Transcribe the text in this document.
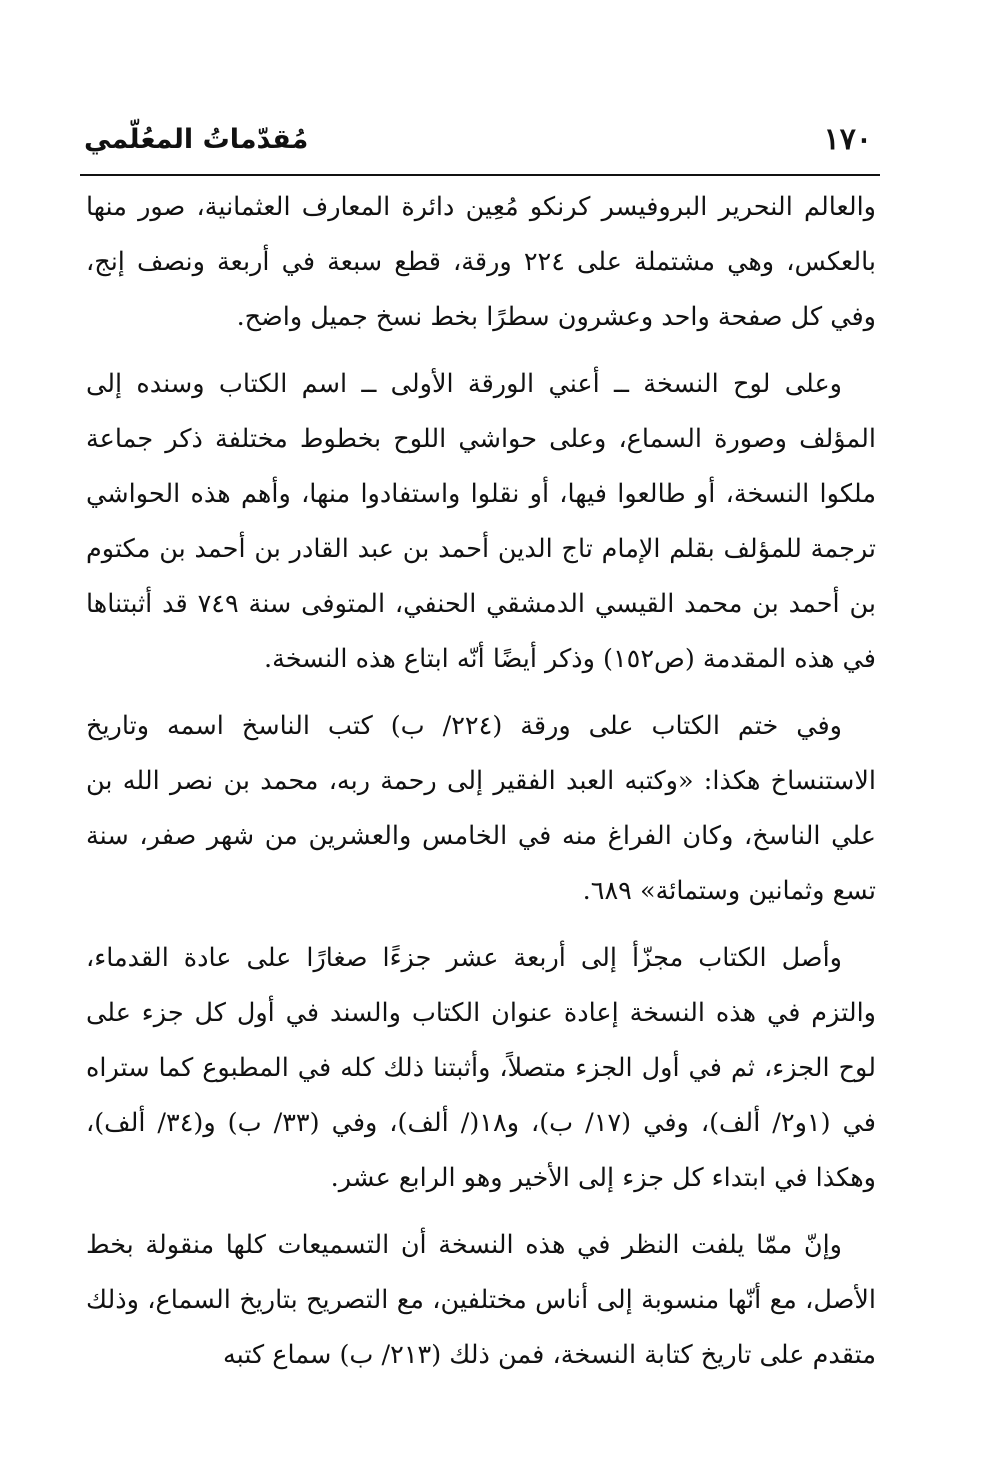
١٧٠
مُقدّماتُ المعُلّمي

والعالم النحرير البروفيسر كرنكو مُعِين دائرة المعارف العثمانية، صور منها بالعكس، وهي مشتملة على ٢٢٤ ورقة، قطع سبعة في أربعة ونصف إنج، وفي كل صفحة واحد وعشرون سطرًا بخط نسخ جميل واضح.

وعلى لوح النسخة ــ أعني الورقة الأولى ــ اسم الكتاب وسنده إلى المؤلف وصورة السماع، وعلى حواشي اللوح بخطوط مختلفة ذكر جماعة ملكوا النسخة، أو طالعوا فيها، أو نقلوا واستفادوا منها، وأهم هذه الحواشي ترجمة للمؤلف بقلم الإمام تاج الدين أحمد بن عبد القادر بن أحمد بن مكتوم بن أحمد بن محمد القيسي الدمشقي الحنفي، المتوفى سنة ٧٤٩ قد أثبتناها في هذه المقدمة (ص١٥٢) وذكر أيضًا أنّه ابتاع هذه النسخة.

وفي ختم الكتاب على ورقة (٢٢٤/ ب) كتب الناسخ اسمه وتاريخ الاستنساخ هكذا: «وكتبه العبد الفقير إلى رحمة ربه، محمد بن نصر الله بن علي الناسخ، وكان الفراغ منه في الخامس والعشرين من شهر صفر، سنة تسع وثمانين وستمائة» ٦٨٩.

وأصل الكتاب مجزّأ إلى أربعة عشر جزءًا صغارًا على عادة القدماء، والتزم في هذه النسخة إعادة عنوان الكتاب والسند في أول كل جزء على لوح الجزء، ثم في أول الجزء متصلاً، وأثبتنا ذلك كله في المطبوع كما ستراه في (١و٢/ ألف)، وفي (١٧/ ب)، و١٨(/ ألف)، وفي (٣٣/ ب) و(٣٤/ ألف)، وهكذا في ابتداء كل جزء إلى الأخير وهو الرابع عشر.

وإنّ ممّا يلفت النظر في هذه النسخة أن التسميعات كلها منقولة بخط الأصل، مع أنّها منسوبة إلى أناس مختلفين، مع التصريح بتاريخ السماع، وذلك متقدم على تاريخ كتابة النسخة، فمن ذلك (٢١٣/ ب) سماع كتبه
